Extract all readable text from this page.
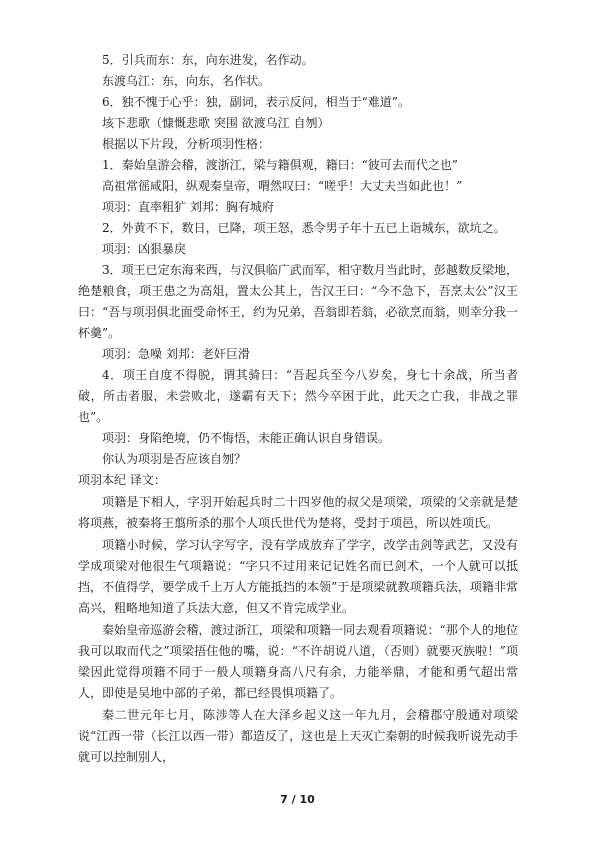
5．引兵而东：东，向东进发，名作动。

东渡乌江：东，向东，名作状。

6．独不愧于心乎：独，副词，表示反问，相当于“难道”。

垓下悲歌（慷慨悲歌 突围 欲渡乌江 自刎）

根据以下片段，分析项羽性格：

1．秦始皇游会稽，渡浙江，梁与籍俱观，籍曰：“彼可去而代之也”

高祖常徭咸阳，纵观秦皇帝，喟然叹曰：“嗟乎！大丈夫当如此也！”

项羽：直率粗犷 刘邦：胸有城府

2．外黄不下，数日，已降，项王怒，悉令男子年十五已上诣城东，欲坑之。

项羽：凶狠暴戾

3．项王已定东海来西，与汉俱临广武而军，相守数月当此时，彭越数反梁地，绝楚粮食，项王患之为高俎，置太公其上，告汉王曰：“今不急下，吾烹太公”汉王曰：“吾与项羽俱北面受命怀王，约为兄弟，吾翁即若翁，必欲烹而翁，则幸分我一杯羹”。

项羽：急噪 刘邦：老奸巨滑

4．项王自度不得脱，谓其骑曰：“吾起兵至今八岁矣，身七十余战，所当者破，所击者服，未尝败北，遂霸有天下；然今卒困于此，此天之亡我，非战之罪也”。

项羽：身陷绝境，仍不悔悟，未能正确认识自身错误。

你认为项羽是否应该自刎？

项羽本纪 译文：

项籍是下相人，字羽开始起兵时二十四岁他的叔父是项梁，项梁的父亲就是楚将项燕，被秦将王翦所杀的那个人项氏世代为楚将，受封于项邑，所以姓项氏。

项籍小时候，学习认字写字，没有学成放弃了学字，改学击剑等武艺，又没有学成项梁对他很生气项籍说：“字只不过用来记记姓名而已剑术，一个人就可以抵挡，不值得学，要学成千上万人方能抵挡的本领”于是项梁就教项籍兵法，项籍非常高兴，粗略地知道了兵法大意，但又不肯完成学业。

秦始皇帝巡游会稽，渡过浙江，项梁和项籍一同去观看项籍说：“那个人的地位我可以取而代之”项梁捂住他的嘴，说：“不许胡说八道，（否则）就要灭族啦！”项梁因此觉得项籍不同于一般人项籍身高八尺有余，力能举鼎，才能和勇气超出常人，即使是吴地中部的子弟，都已经畏惧项籍了。

秦二世元年七月，陈涉等人在大泽乡起义这一年九月，会稽郡守殷通对项梁说“江西一带（长江以西一带）都造反了，这也是上天灭亡秦朝的时候我听说先动手就可以控制别人，

7 / 10
